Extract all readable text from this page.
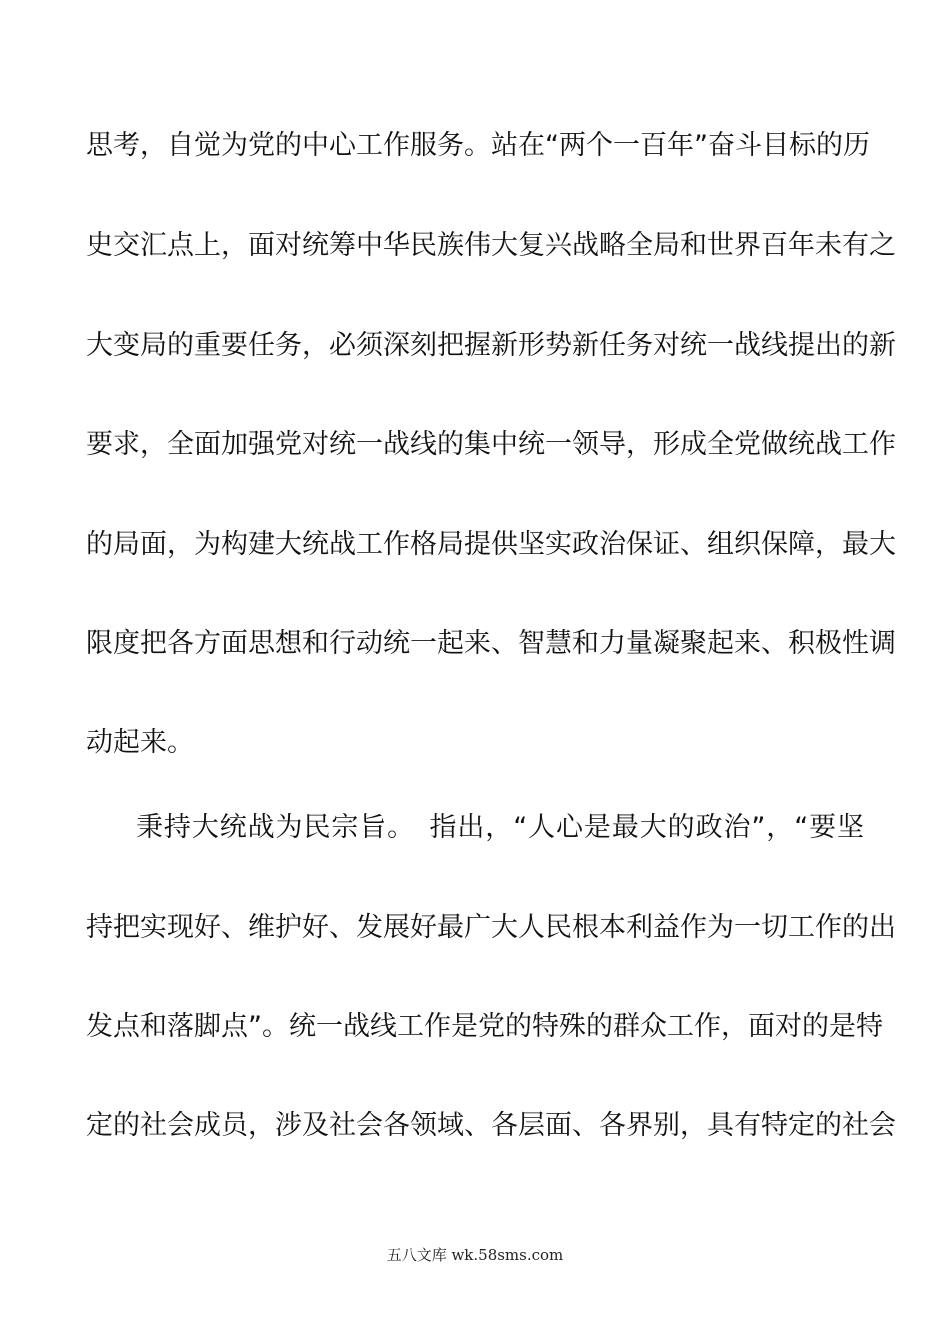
思考，自觉为党的中心工作服务。站在“两个一百年”奋斗目标的历
史交汇点上，面对统筹中华民族伟大复兴战略全局和世界百年未有之
大变局的重要任务，必须深刻把握新形势新任务对统一战线提出的新
要求，全面加强党对统一战线的集中统一领导，形成全党做统战工作
的局面，为构建大统战工作格局提供坚实政治保证、组织保障，最大
限度把各方面思想和行动统一起来、智慧和力量凝聚起来、积极性调
动起来。
秉持大统战为民宗旨。　指出，“人心是最大的政治”，“要坚
持把实现好、维护好、发展好最广大人民根本利益作为一切工作的出
发点和落脚点”。统一战线工作是党的特殊的群众工作，面对的是特
定的社会成员，涉及社会各领域、各层面、各界别，具有特定的社会
五八文库 wk.58sms.com
